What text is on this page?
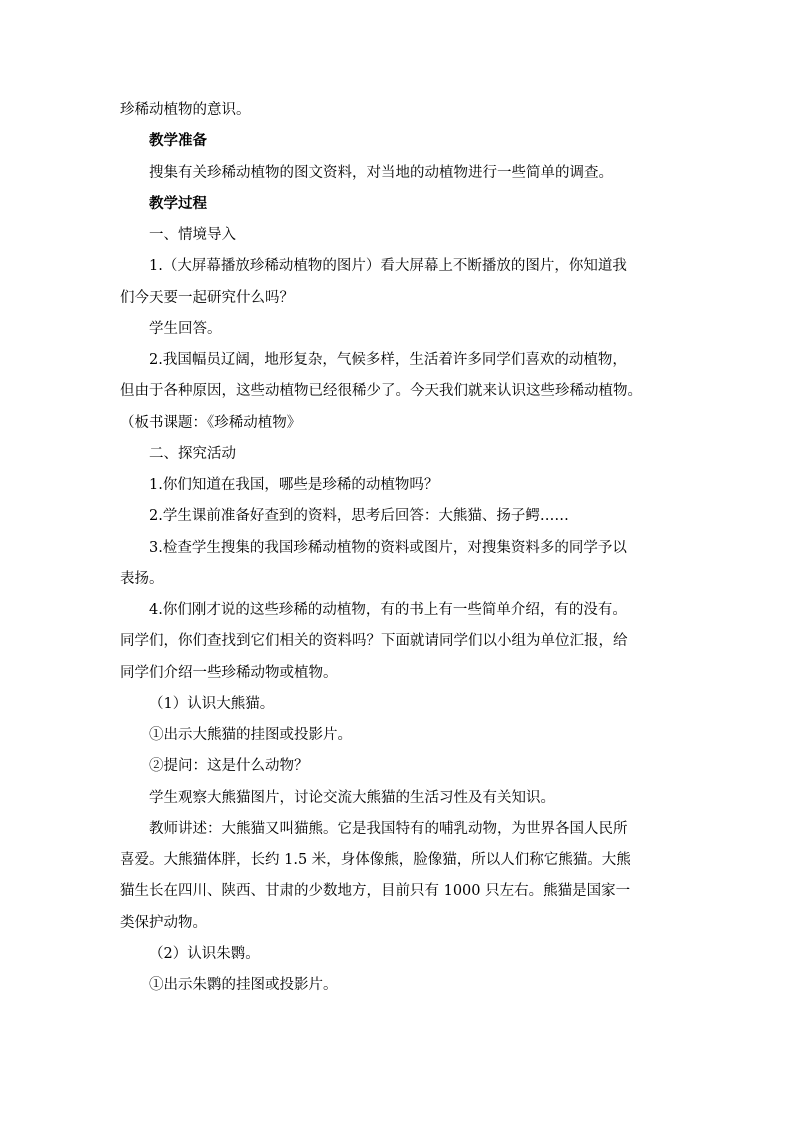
珍稀动植物的意识。
教学准备
搜集有关珍稀动植物的图文资料，对当地的动植物进行一些简单的调查。
教学过程
一、情境导入
1.（大屏幕播放珍稀动植物的图片）看大屏幕上不断播放的图片，你知道我
们今天要一起研究什么吗？
学生回答。
2.我国幅员辽阔，地形复杂，气候多样，生活着许多同学们喜欢的动植物，
但由于各种原因，这些动植物已经很稀少了。今天我们就来认识这些珍稀动植物。
（板书课题：《珍稀动植物》
二、探究活动
1.你们知道在我国，哪些是珍稀的动植物吗？
2.学生课前准备好查到的资料，思考后回答：大熊猫、扬子鳄……
3.检查学生搜集的我国珍稀动植物的资料或图片，对搜集资料多的同学予以
表扬。
4.你们刚才说的这些珍稀的动植物，有的书上有一些简单介绍，有的没有。
同学们，你们查找到它们相关的资料吗？下面就请同学们以小组为单位汇报，给
同学们介绍一些珍稀动物或植物。
（1）认识大熊猫。
①出示大熊猫的挂图或投影片。
②提问：这是什么动物？
学生观察大熊猫图片，讨论交流大熊猫的生活习性及有关知识。
教师讲述：大熊猫又叫猫熊。它是我国特有的哺乳动物，为世界各国人民所
喜爱。大熊猫体胖，长约 1.5 米，身体像熊，脸像猫，所以人们称它熊猫。大熊
猫生长在四川、陕西、甘肃的少数地方，目前只有 1000 只左右。熊猫是国家一
类保护动物。
（2）认识朱鹮。
①出示朱鹮的挂图或投影片。
